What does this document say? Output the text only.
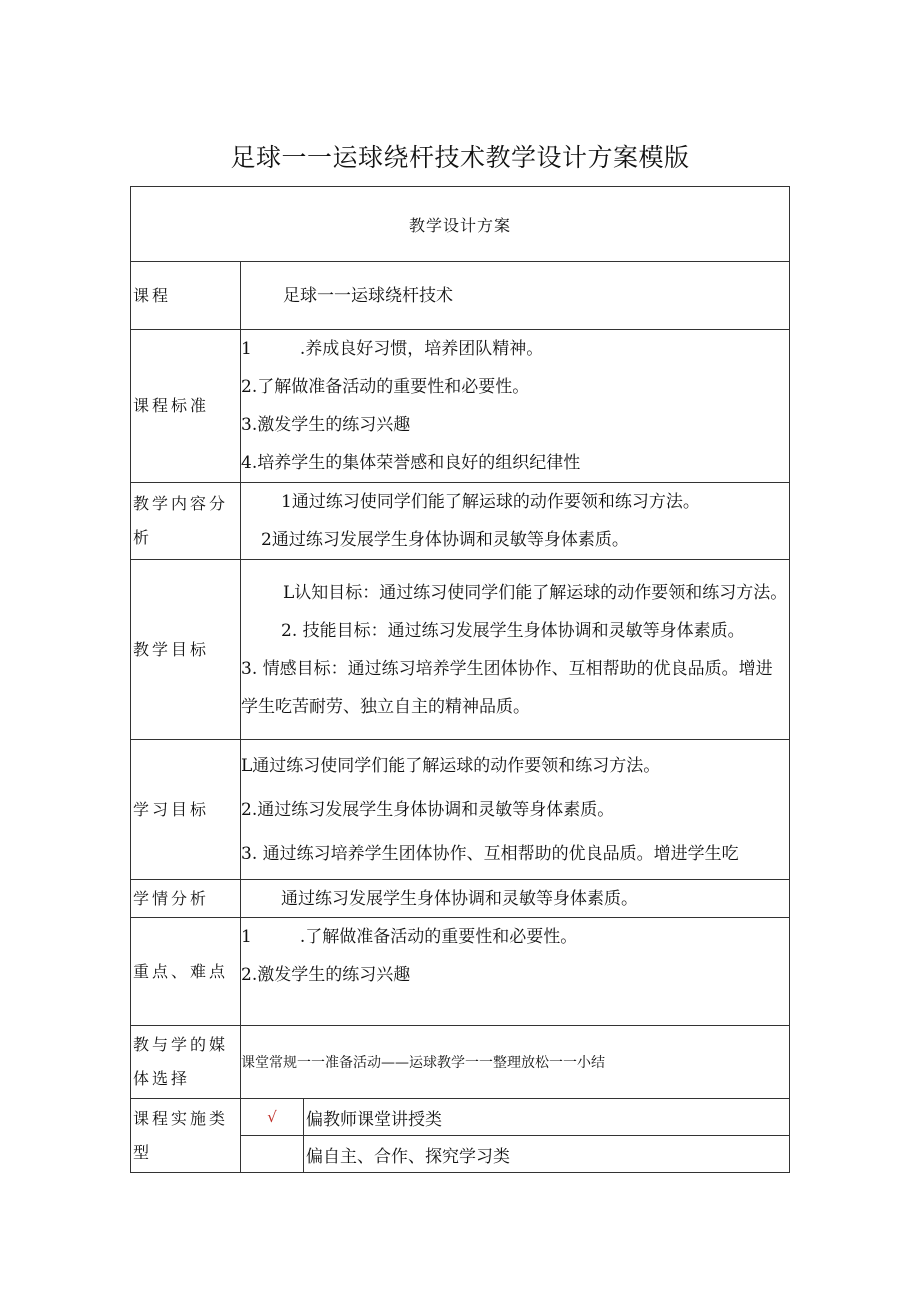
足球一一运球绕杆技术教学设计方案模版
教学设计方案		
课程	足球一一运球绕杆技术	

课程标准	1 .养成良好习惯，培养团队精神。
2.了解做准备活动的重要性和必要性。
3.激发学生的练习兴趣
4.培养学生的集体荣誉感和良好的组织纪律性	

教学内容分析	1通过练习使同学们能了解运球的动作要领和练习方法。
2通过练习发展学生身体协调和灵敏等身体素质。	

教学目标	L认知目标：通过练习使同学们能了解运球的动作要领和练习方法。
2. 技能目标：通过练习发展学生身体协调和灵敏等身体素质。
3. 情感目标：通过练习培养学生团体协作、互相帮助的优良品质。增进学生吃苦耐劳、独立自主的精神品质。	

学习目标	L通过练习使同学们能了解运球的动作要领和练习方法。
2.通过练习发展学生身体协调和灵敏等身体素质。
3. 通过练习培养学生团体协作、互相帮助的优良品质。增进学生吃	

学情分析	通过练习发展学生身体协调和灵敏等身体素质。	

重点、难点	1 .了解做准备活动的重要性和必要性。
2.激发学生的练习兴趣	

教与学的媒体选择	课堂常规一一准备活动——运球教学一一整理放松一一小结	
课程实施类型	√	偏教师课堂讲授类
		偏自主、合作、探究学习类
